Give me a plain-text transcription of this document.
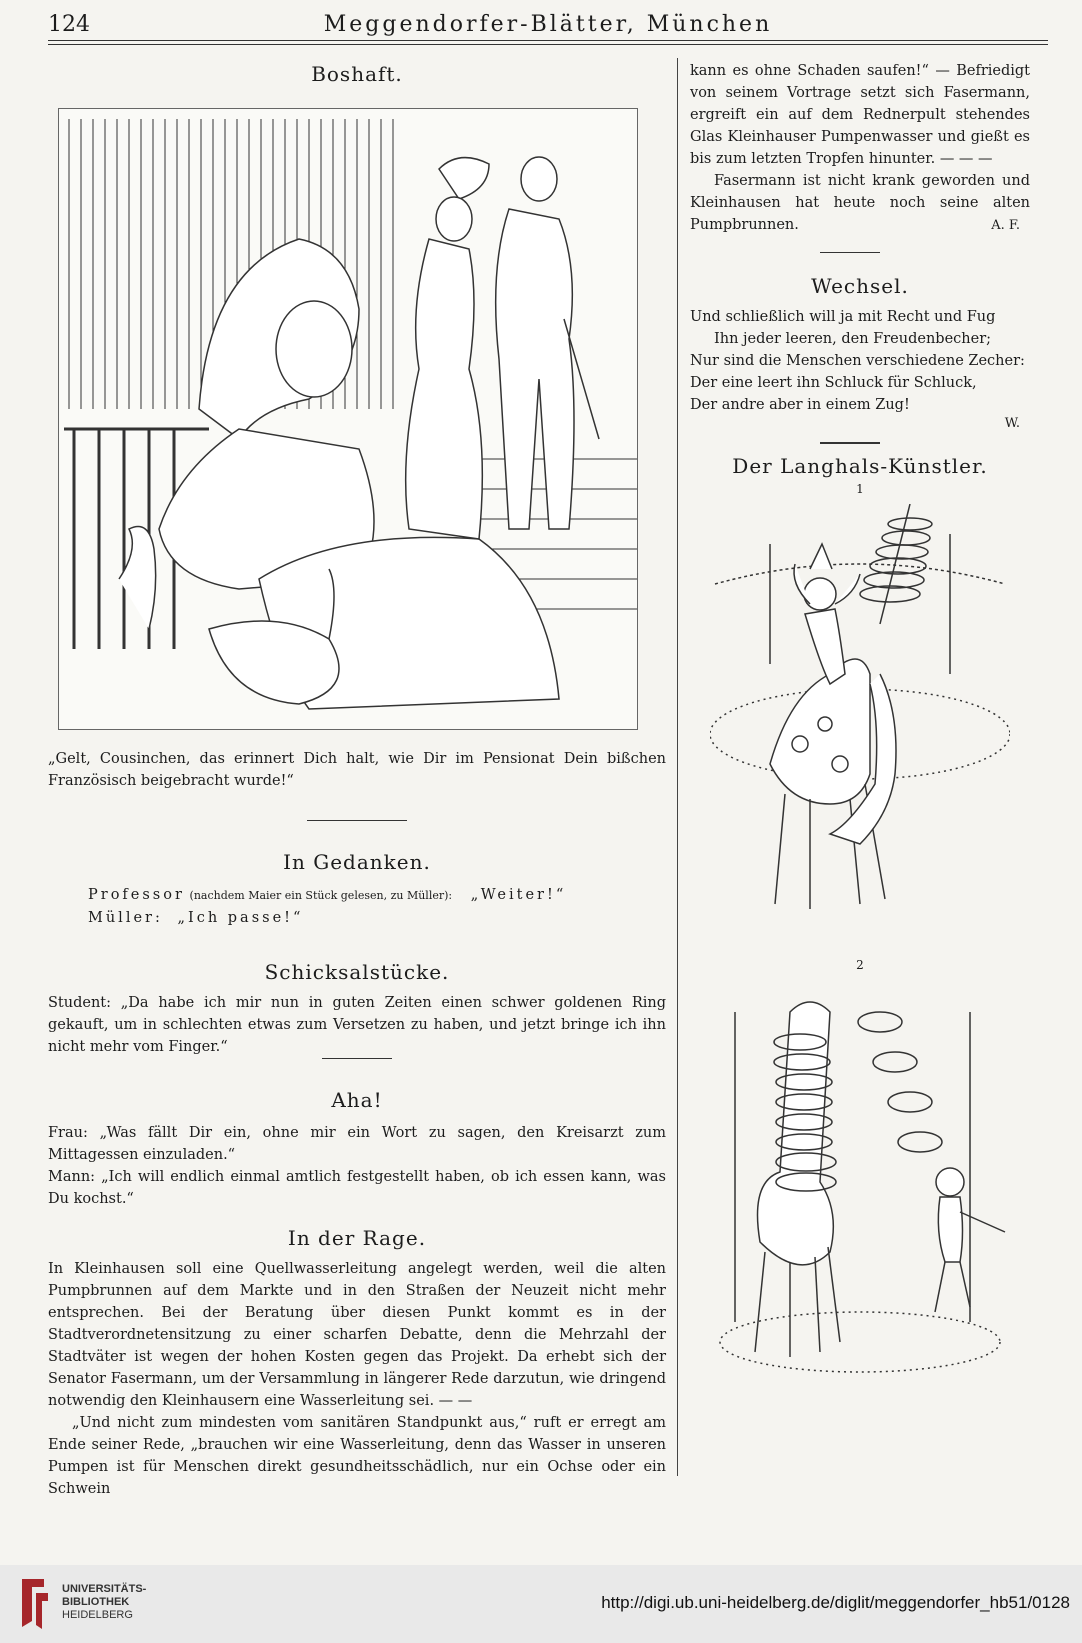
124	Meggendorfer-Blätter, München
Boshaft.

„Gelt, Cousinchen, das erinnert Dich halt, wie Dir im Pensionat Dein bißchen Französisch beigebracht wurde!“

In Gedanken.
Professor (nachdem Maier ein Stück gelesen, zu Müller): „Weiter!“
Müller: „Ich passe!“
Schicksalstücke.

Student: „Da habe ich mir nun in guten Zeiten einen schwer goldenen Ring gekauft, um in schlechten etwas zum Versetzen zu haben, und jetzt bringe ich ihn nicht mehr vom Finger.“

Aha!

Frau: „Was fällt Dir ein, ohne mir ein Wort zu sagen, den Kreisarzt zum Mittagessen einzuladen.“

Mann: „Ich will endlich einmal amtlich festgestellt haben, ob ich essen kann, was Du kochst.“

In der Rage.

In Kleinhausen soll eine Quellwasserleitung angelegt werden, weil die alten Pumpbrunnen auf dem Markte und in den Straßen der Neuzeit nicht mehr entsprechen. Bei der Beratung über diesen Punkt kommt es in der Stadtverordnetensitzung zu einer scharfen Debatte, denn die Mehrzahl der Stadtväter ist wegen der hohen Kosten gegen das Projekt. Da erhebt sich der Senator Fasermann, um der Versammlung in längerer Rede darzutun, wie dringend notwendig den Kleinhausern eine Wasserleitung sei. — —

„Und nicht zum mindesten vom sanitären Standpunkt aus,“ ruft er erregt am Ende seiner Rede, „brauchen wir eine Wasserleitung, denn das Wasser in unseren Pumpen ist für Menschen direkt gesundheitsschädlich, nur ein Ochse oder ein Schwein

kann es ohne Schaden saufen!“ — Befriedigt von seinem Vortrage setzt sich Fasermann, ergreift ein auf dem Rednerpult stehendes Glas Kleinhauser Pumpenwasser und gießt es bis zum letzten Tropfen hinunter. — — —

Fasermann ist nicht krank geworden und Kleinhausen hat heute noch seine alten Pumpbrunnen.	A. F.
Wechsel.
Und schließlich will ja mit Recht und Fug
Ihn jeder leeren, den Freudenbecher;
Nur sind die Menschen verschiedene Zecher:
Der eine leert ihn Schluck für Schluck,
Der andre aber in einem Zug!
W.
Der Langhals-Künstler.
1
2
UNIVERSITÄTS-
BIBLIOTHEK
HEIDELBERG
http://digi.ub.uni-heidelberg.de/diglit/meggendorfer_hb51/0128
